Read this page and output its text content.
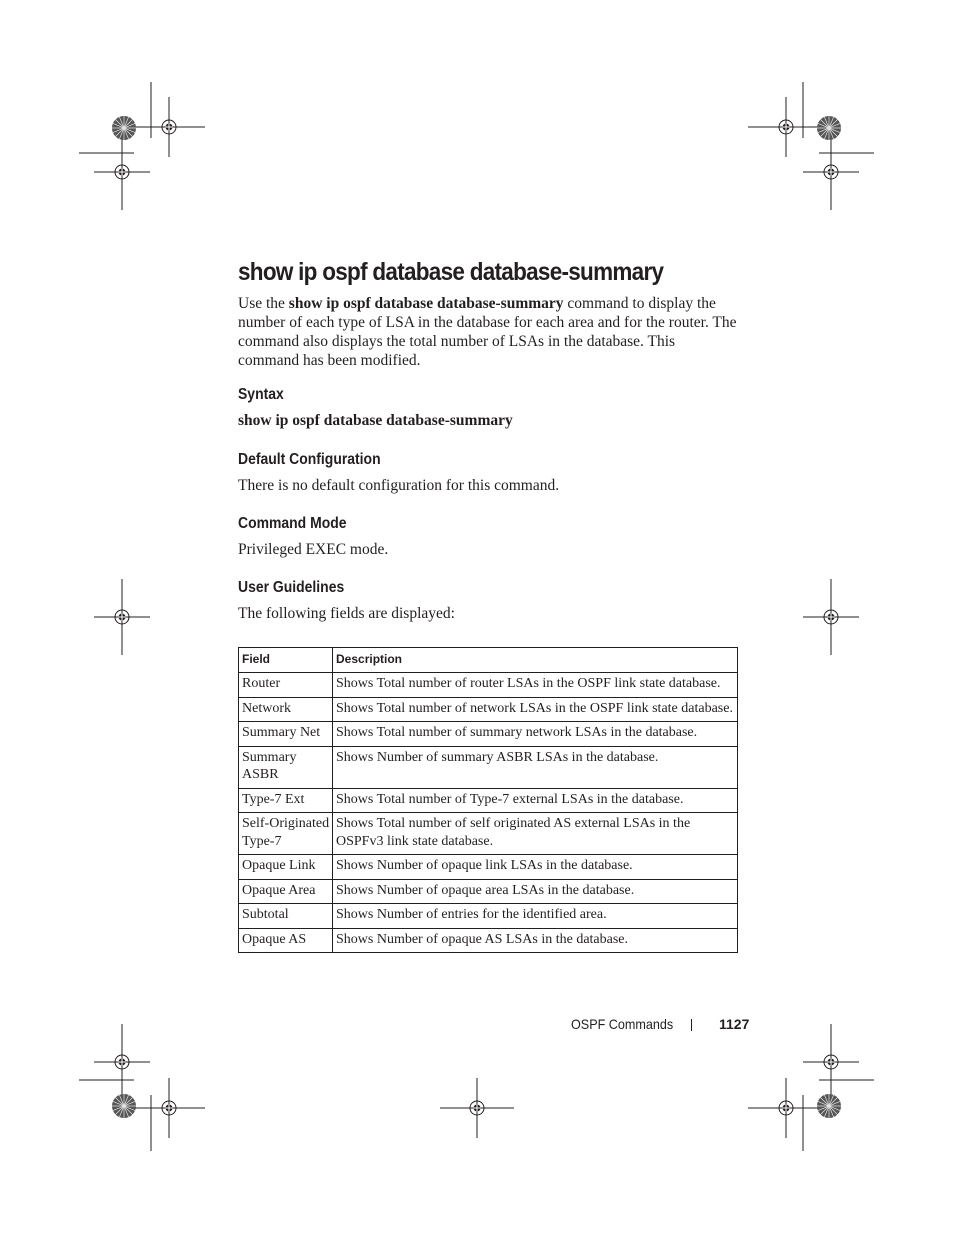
show ip ospf database database-summary

Use the show ip ospf database database-summary command to display the number of each type of LSA in the database for each area and for the router. The command also displays the total number of LSAs in the database. This command has been modified.

Syntax

show ip ospf database database-summary

Default Configuration

There is no default configuration for this command.

Command Mode

Privileged EXEC mode.

User Guidelines

The following fields are displayed:

Field	Description
Router	Shows Total number of router LSAs in the OSPF link state database.
Network	Shows Total number of network LSAs in the OSPF link state database.
Summary Net	Shows Total number of summary network LSAs in the database.
Summary ASBR	Shows Number of summary ASBR LSAs in the database.
Type-7 Ext	Shows Total number of Type-7 external LSAs in the database.
Self-Originated Type-7	Shows Total number of self originated AS external LSAs in the OSPFv3 link state database.
Opaque Link	Shows Number of opaque link LSAs in the database.
Opaque Area	Shows Number of opaque area LSAs in the database.
Subtotal	Shows Number of entries for the identified area.
Opaque AS	Shows Number of opaque AS LSAs in the database.
OSPF Commands	1127
